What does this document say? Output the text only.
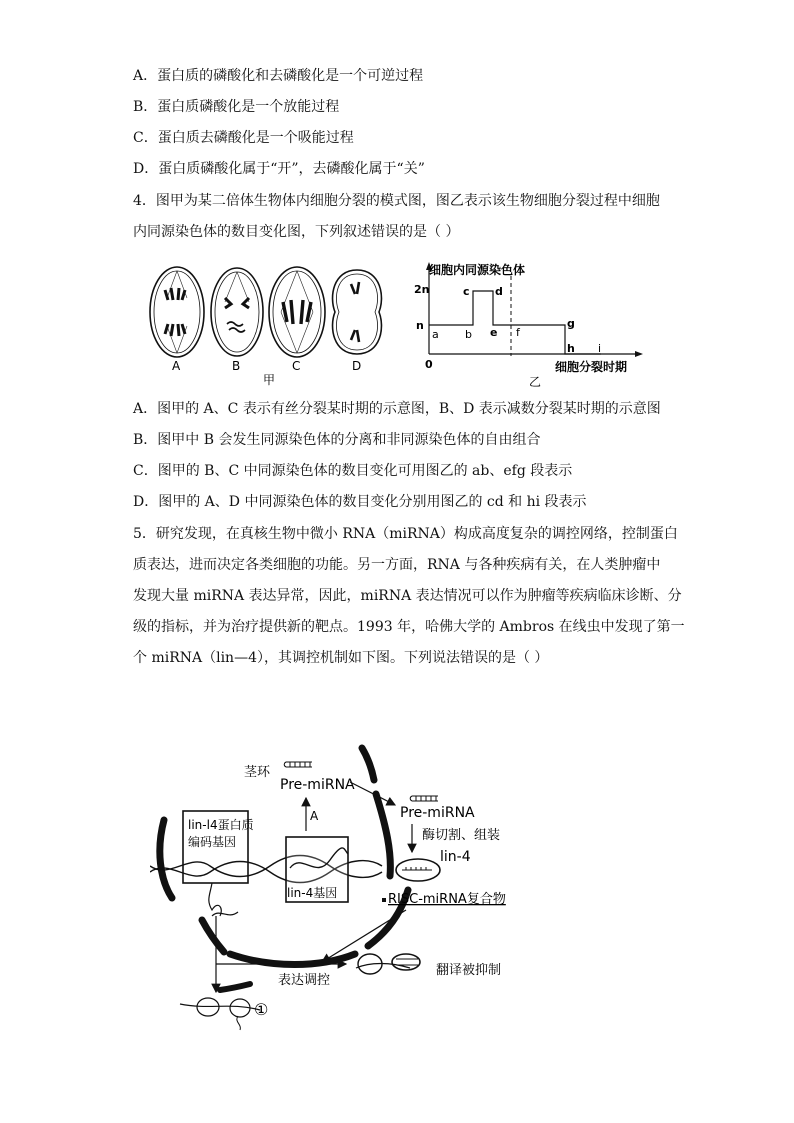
A．蛋白质的磷酸化和去磷酸化是一个可逆过程
B．蛋白质磷酸化是一个放能过程
C．蛋白质去磷酸化是一个吸能过程
D．蛋白质磷酸化属于“开”，去磷酸化属于“关”
4．图甲为某二倍体生物体内细胞分裂的模式图，图乙表示该生物细胞分裂过程中细胞
内同源染色体的数目变化图，下列叙述错误的是（ ）
A	B	C	D
甲
细胞内同源染色体
2n
n
0
a b
c d
e f
g
h i
细胞分裂时期
乙
A．图甲的 A、C 表示有丝分裂某时期的示意图，B、D 表示减数分裂某时期的示意图
B．图甲中 B 会发生同源染色体的分离和非同源染色体的自由组合
C．图甲的 B、C 中同源染色体的数目变化可用图乙的 ab、efg 段表示
D．图甲的 A、D 中同源染色体的数目变化分别用图乙的 cd 和 hi 段表示
5．研究发现，在真核生物中微小 RNA（miRNA）构成高度复杂的调控网络，控制蛋白
质表达，进而决定各类细胞的功能。另一方面，RNA 与各种疾病有关，在人类肿瘤中
发现大量 miRNA 表达异常，因此，miRNA 表达情况可以作为肿瘤等疾病临床诊断、分
级的指标，并为治疗提供新的靶点。1993 年，哈佛大学的 Ambros 在线虫中发现了第一
个 miRNA（lin—4），其调控机制如下图。下列说法错误的是（ ）
茎环
Pre-miRNA
A	Pre-miRNA
酶切割、组装
lin-4
RISC-miRNA复合物
lin-l4蛋白质
编码基因
lin-4基因
表达调控
①
翻译被抑制
